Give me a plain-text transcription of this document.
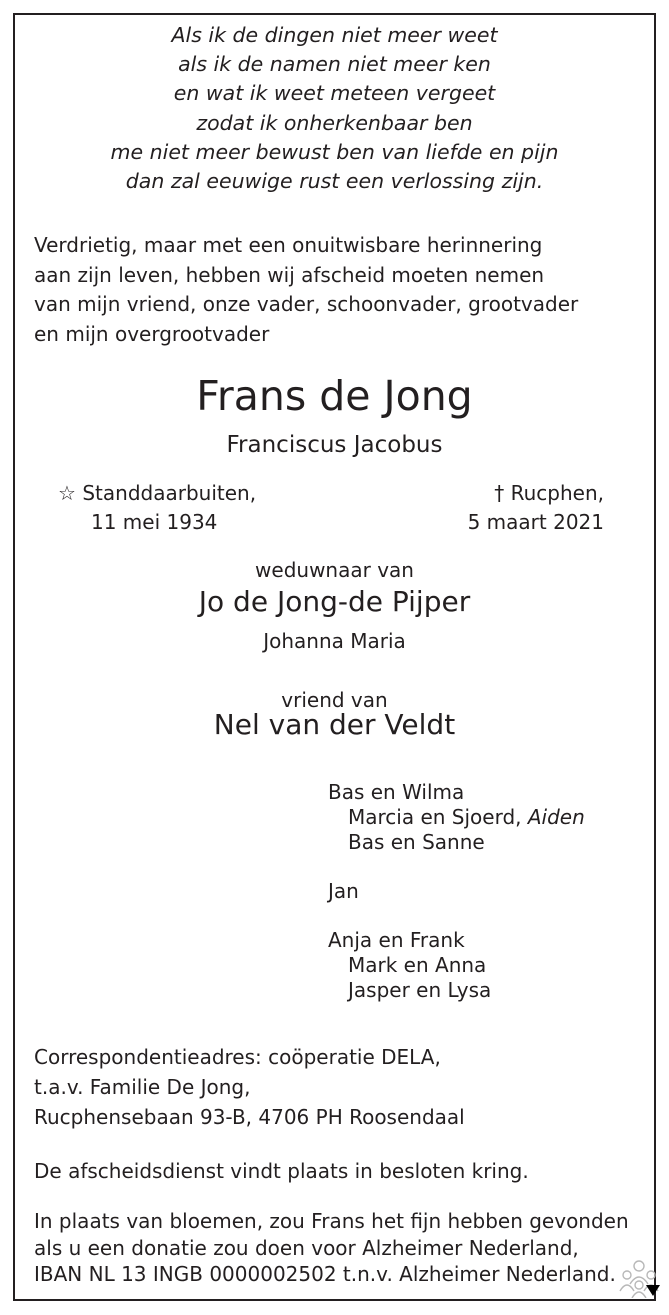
Als ik de dingen niet meer weet
als ik de namen niet meer ken
en wat ik weet meteen vergeet
zodat ik onherkenbaar ben
me niet meer bewust ben van liefde en pijn
dan zal eeuwige rust een verlossing zijn.
Verdrietig, maar met een onuitwisbare herinnering
aan zijn leven, hebben wij afscheid moeten nemen
van mijn vriend, onze vader, schoonvader, grootvader
en mijn overgrootvader
Frans de Jong
Franciscus Jacobus
☆ Standdaarbuiten,
11 mei 1934
† Rucphen,
5 maart 2021
weduwnaar van
Jo de Jong-de Pijper
Johanna Maria
vriend van
Nel van der Veldt
Bas en Wilma
Marcia en Sjoerd, Aiden
Bas en Sanne
Jan
Anja en Frank
Mark en Anna
Jasper en Lysa
Correspondentieadres: coöperatie DELA,
t.a.v. Familie De Jong,
Rucphensebaan 93-B, 4706 PH Roosendaal
De afscheidsdienst vindt plaats in besloten kring.
In plaats van bloemen, zou Frans het fijn hebben gevonden
als u een donatie zou doen voor Alzheimer Nederland,
IBAN NL 13 INGB 0000002502 t.n.v. Alzheimer Nederland.
